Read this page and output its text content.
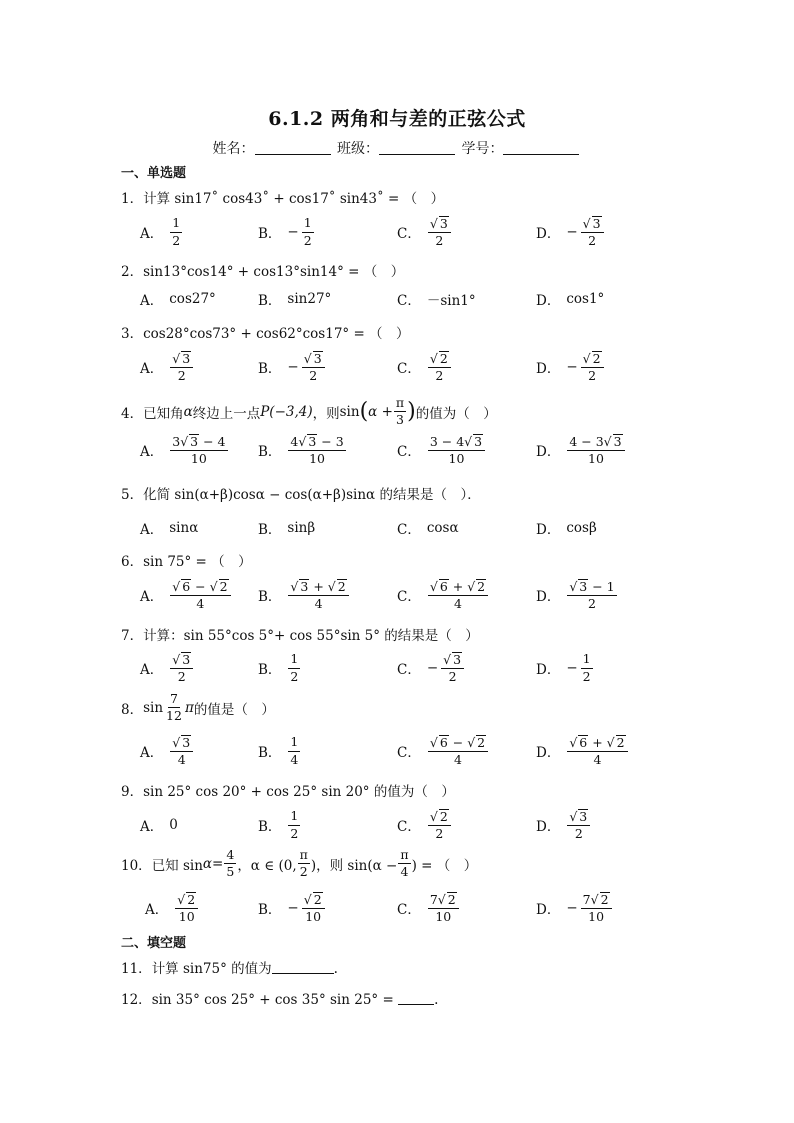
6.1.2 两角和与差的正弦公式
姓名：	班级：	学号：
一、单选题
1．计算 sin17˚ cos43˚ + cos17˚ sin43˚ = （　）
A． $\frac{1}{2}$	B． − $\frac{1}{2}$	C． $\frac{√ 3}{2}$	D． − $\frac{√ 3}{2}$
2．sin13°cos14° + cos13°sin14° = （　）
A． cos27°	B． sin27°	C． －sin1°	D． cos1°
3．cos28°cos73° + cos62°cos17° = （　）
A． $\frac{√ 3}{2}$	B． − $\frac{√ 3}{2}$	C． $\frac{√ 2}{2}$	D． − $\frac{√ 2}{2}$
4． 已知角 α 终边上一点 P(−3,4) ，则 sin ( $\alpha + \frac{\pi}{3}$ ) 的值为（　）
A． $\frac{3√ 3 - 4}{10}$ B． $\frac{4√ 3 - 3}{10}$	C． $\frac{3 - 4√ 3}{10}$	D． $\frac{4 - 3√ 3}{10}$
5．化简 sin(α+β)cosα − cos(α+β)sinα 的结果是（　）．
A． sinα	B． sinβ	C． cosα	D． cosβ
6．sin 75° = （　）
A． $\frac{√ 6 - √ 2}{4}$ B． $\frac{√ 3 + √ 2}{4}$	C． $\frac{√ 6 + √ 2}{4}$	D． $\frac{√ 3 - 1}{2}$
7．计算：sin 55°cos 5°+ cos 55°sin 5° 的结果是（　）
A． $\frac{√ 3}{2}$	B． $\frac{1}{2}$	C． − $\frac{√ 3}{2}$	D． − $\frac{1}{2}$
8． $\sin \frac{7}{12}$ π 的值是（　）
A． $\frac{√ 3}{4}$	B． $\frac{1}{4}$	C． $\frac{√ 6 - √ 2}{4}$	D． $\frac{√ 6 + √ 2}{4}$
9．sin 25° cos 20° + cos 25° sin 20° 的值为（　）
A． 0	B． $\frac{1}{2}$	C． $\frac{√ 2}{2}$	D． $\frac{√ 3}{2}$
10． 已知 $\sin \alpha = \frac{4}{5}$ ，α ∈ (0, $\frac{\pi}{2}$ )，则 $\sin(\alpha - \frac{\pi}{4}$ ) = （　）
A． $\frac{√ 2}{10}$	B． − $\frac{√ 2}{10}$	C． $\frac{7√ 2}{10}$	D． − $\frac{7√ 2}{10}$
二、填空题
11．计算 sin75° 的值为	.
12．sin 35° cos 25° + cos 35° sin 25° =	.
